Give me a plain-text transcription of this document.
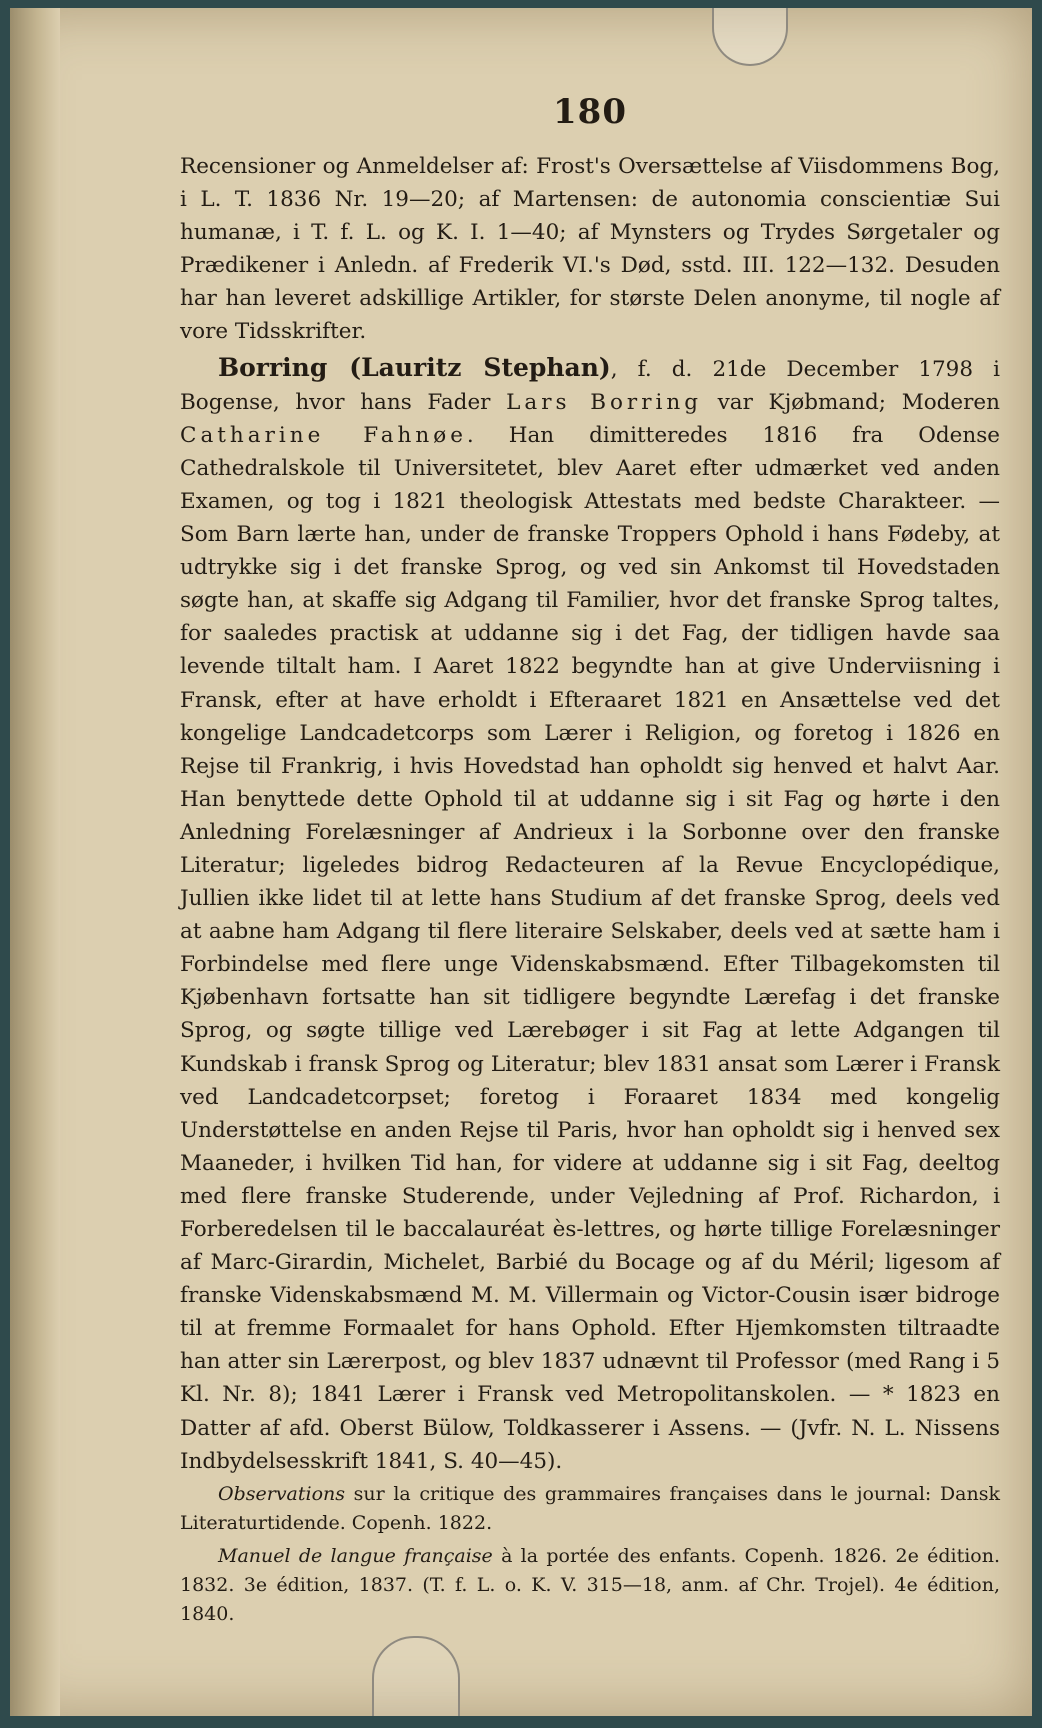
180

Recensioner og Anmeldelser af: Frost's Oversættelse af Viisdommens Bog, i L. T. 1836 Nr. 19—20; af Martensen: de autonomia conscientiæ Sui humanæ, i T. f. L. og K. I. 1—40; af Mynsters og Trydes Sørgetaler og Prædikener i Anledn. af Frederik VI.'s Død, sstd. III. 122—132. Desuden har han leveret adskillige Artikler, for største Delen anonyme, til nogle af vore Tidsskrifter.

Borring (Lauritz Stephan), f. d. 21de December 1798 i Bogense, hvor hans Fader Lars Borring var Kjøbmand; Moderen Catharine Fahnøe. Han dimitteredes 1816 fra Odense Cathedralskole til Universitetet, blev Aaret efter udmærket ved anden Examen, og tog i 1821 theologisk Attestats med bedste Charakteer. — Som Barn lærte han, under de franske Troppers Ophold i hans Fødeby, at udtrykke sig i det franske Sprog, og ved sin Ankomst til Hovedstaden søgte han, at skaffe sig Adgang til Familier, hvor det franske Sprog taltes, for saaledes practisk at uddanne sig i det Fag, der tidligen havde saa levende tiltalt ham. I Aaret 1822 begyndte han at give Underviisning i Fransk, efter at have erholdt i Efteraaret 1821 en Ansættelse ved det kongelige Landcadetcorps som Lærer i Religion, og foretog i 1826 en Rejse til Frankrig, i hvis Hovedstad han opholdt sig henved et halvt Aar. Han benyttede dette Ophold til at uddanne sig i sit Fag og hørte i den Anledning Forelæsninger af Andrieux i la Sorbonne over den franske Literatur; ligeledes bidrog Redacteuren af la Revue Encyclopédique, Jullien ikke lidet til at lette hans Studium af det franske Sprog, deels ved at aabne ham Adgang til flere literaire Selskaber, deels ved at sætte ham i Forbindelse med flere unge Videnskabsmænd. Efter Tilbagekomsten til Kjøbenhavn fortsatte han sit tidligere begyndte Lærefag i det franske Sprog, og søgte tillige ved Lærebøger i sit Fag at lette Adgangen til Kundskab i fransk Sprog og Literatur; blev 1831 ansat som Lærer i Fransk ved Landcadetcorpset; foretog i Foraaret 1834 med kongelig Understøttelse en anden Rejse til Paris, hvor han opholdt sig i henved sex Maaneder, i hvilken Tid han, for videre at uddanne sig i sit Fag, deeltog med flere franske Studerende, under Vejledning af Prof. Richardon, i Forberedelsen til le baccalauréat ès-lettres, og hørte tillige Forelæsninger af Marc-Girardin, Michelet, Barbié du Bocage og af du Méril; ligesom af franske Videnskabsmænd M. M. Villermain og Victor-Cousin især bidroge til at fremme Formaalet for hans Ophold. Efter Hjemkomsten tiltraadte han atter sin Lærerpost, og blev 1837 udnævnt til Professor (med Rang i 5 Kl. Nr. 8); 1841 Lærer i Fransk ved Metropolitanskolen. — * 1823 en Datter af afd. Oberst Bülow, Toldkasserer i Assens. — (Jvfr. N. L. Nissens Indbydelsesskrift 1841, S. 40—45).

Observations sur la critique des grammaires françaises dans le journal: Dansk Literaturtidende. Copenh. 1822.

Manuel de langue française à la portée des enfants. Copenh. 1826. 2e édition. 1832. 3e édition, 1837. (T. f. L. o. K. V. 315—18, anm. af Chr. Trojel). 4e édition, 1840.
